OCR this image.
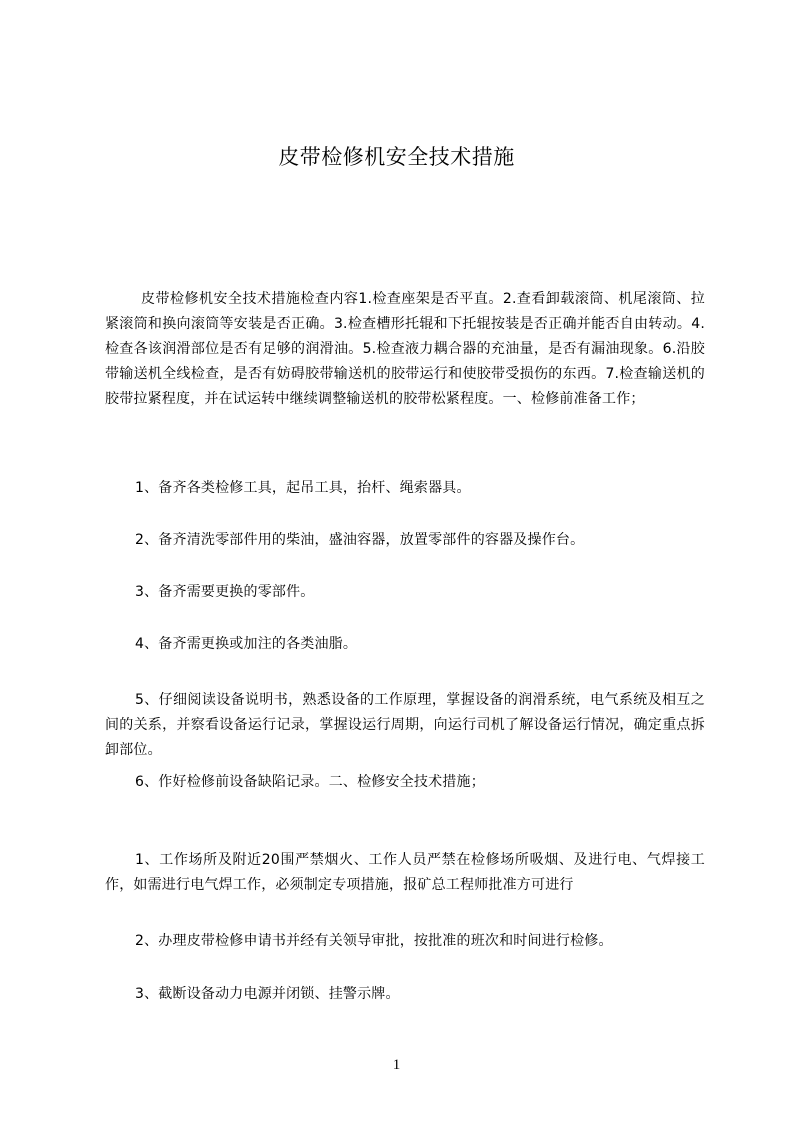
皮带检修机安全技术措施
皮带检修机安全技术措施检查内容1.检查座架是否平直。2.查看卸载滚筒、机尾滚筒、拉紧滚筒和换向滚筒等安装是否正确。3.检查槽形托辊和下托辊按装是否正确并能否自由转动。4.检查各该润滑部位是否有足够的润滑油。5.检查液力耦合器的充油量，是否有漏油现象。6.沿胶带输送机全线检查，是否有妨碍胶带输送机的胶带运行和使胶带受损伤的东西。7.检查输送机的胶带拉紧程度，并在试运转中继续调整输送机的胶带松紧程度。一、检修前准备工作；
1、备齐各类检修工具，起吊工具，抬杆、绳索器具。
2、备齐清洗零部件用的柴油，盛油容器，放置零部件的容器及操作台。
3、备齐需要更换的零部件。
4、备齐需更换或加注的各类油脂。
5、仔细阅读设备说明书，熟悉设备的工作原理，掌握设备的润滑系统，电气系统及相互之间的关系，并察看设备运行记录，掌握设运行周期，向运行司机了解设备运行情况，确定重点拆卸部位。
6、作好检修前设备缺陷记录。二、检修安全技术措施；
1、工作场所及附近20围严禁烟火、工作人员严禁在检修场所吸烟、及进行电、气焊接工作，如需进行电气焊工作，必须制定专项措施，报矿总工程师批准方可进行
2、办理皮带检修申请书并经有关领导审批，按批准的班次和时间进行检修。
3、截断设备动力电源并闭锁、挂警示牌。
1
